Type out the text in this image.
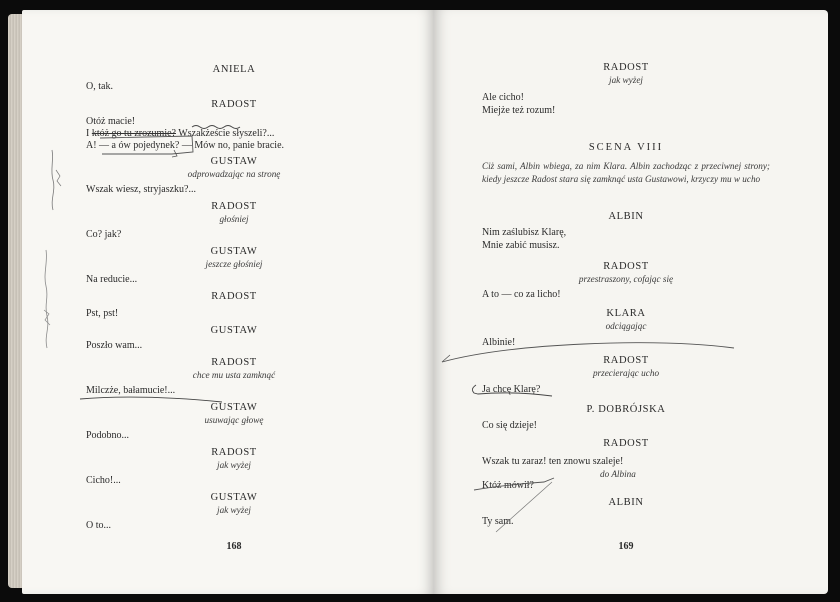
ANIELA
O, tak.
RADOST
Otóż macie!
I któż go tu zrozumie? Wszakżeście słyszeli?...
A! — a ów pojedynek? — Mów no, panie bracie.
GUSTAW
odprowadzając na stronę
Wszak wiesz, stryjaszku?...
RADOST
głośniej
Co? jak?
GUSTAW
jeszcze głośniej
Na reducie...
RADOST
Pst, pst!
GUSTAW
Poszło wam...
RADOST
chce mu usta zamknąć
Milczże, bałamucie!...
GUSTAW
usuwając głowę
Podobno...
RADOST
jak wyżej
Cicho!...
GUSTAW
jak wyżej
O to...
168
RADOST
jak wyżej
Ale cicho!
Miejże też rozum!
SCENA VIII
Ciż sami, Albin wbiega, za nim Klara. Albin zachodząc z przeciwnej strony; kiedy jeszcze Radost stara się zamknąć usta Gustawowi, krzyczy mu w ucho
ALBIN
Nim zaślubisz Klarę,
Mnie zabić musisz.
RADOST
przestraszony, cofając się
A to — co za licho!
KLARA
odciągając
Albinie!
RADOST
przecierając ucho
Ja chcę Klarę?
P. DOBRÓJSKA
Co się dzieje!
RADOST
Wszak tu zaraz! ten znowu szaleje!
do Albina
Któż mówił?
ALBIN
Ty sam.
169
